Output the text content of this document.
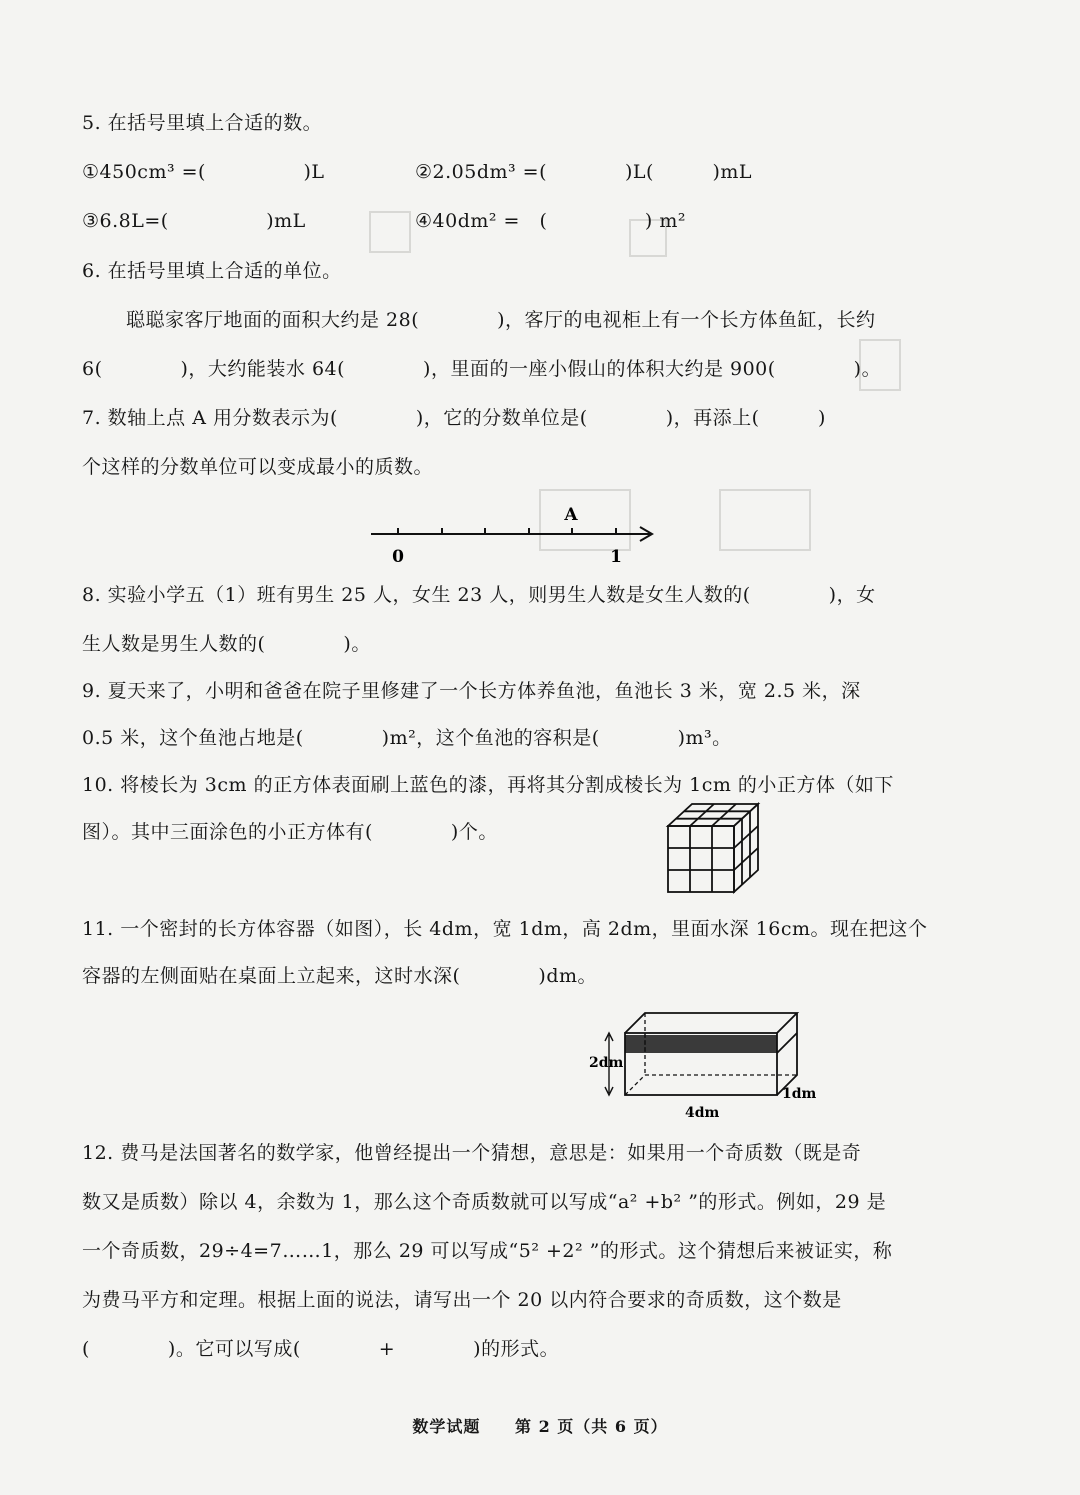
5. 在括号里填上合适的数。
①450cm³ =(　　　　　)L	②2.05dm³ =(　　　　)L(　　　)mL
③6.8L=(　　　　　)mL	④40dm² =　(　　　　　) m²
6. 在括号里填上合适的单位。
聪聪家客厅地面的面积大约是 28(　　　　)，客厅的电视柜上有一个长方体鱼缸，长约
6(　　　　)，大约能装水 64(　　　　)，里面的一座小假山的体积大约是 900(　　　　)。
7. 数轴上点 A 用分数表示为(　　　　)，它的分数单位是(　　　　)，再添上(　　　)
个这样的分数单位可以变成最小的质数。
A
0	1
8. 实验小学五（1）班有男生 25 人，女生 23 人，则男生人数是女生人数的(　　　　)，女
生人数是男生人数的(　　　　)。
9. 夏天来了，小明和爸爸在院子里修建了一个长方体养鱼池，鱼池长 3 米，宽 2.5 米，深
0.5 米，这个鱼池占地是(　　　　)m²，这个鱼池的容积是(　　　　)m³。
10. 将棱长为 3cm 的正方体表面刷上蓝色的漆，再将其分割成棱长为 1cm 的小正方体（如下
图）。其中三面涂色的小正方体有(　　　　)个。
11. 一个密封的长方体容器（如图），长 4dm，宽 1dm，高 2dm，里面水深 16cm。现在把这个
容器的左侧面贴在桌面上立起来，这时水深(　　　　)dm。
2dm
1dm
4dm
12. 费马是法国著名的数学家，他曾经提出一个猜想，意思是：如果用一个奇质数（既是奇
数又是质数）除以 4，余数为 1，那么这个奇质数就可以写成“a² +b² ”的形式。例如，29 是
一个奇质数，29÷4=7……1，那么 29 可以写成“5² +2² ”的形式。这个猜想后来被证实，称
为费马平方和定理。根据上面的说法，请写出一个 20 以内符合要求的奇质数，这个数是
(　　　　)。它可以写成(　　　　+　　　　)的形式。
数学试题 第 2 页（共 6 页）
